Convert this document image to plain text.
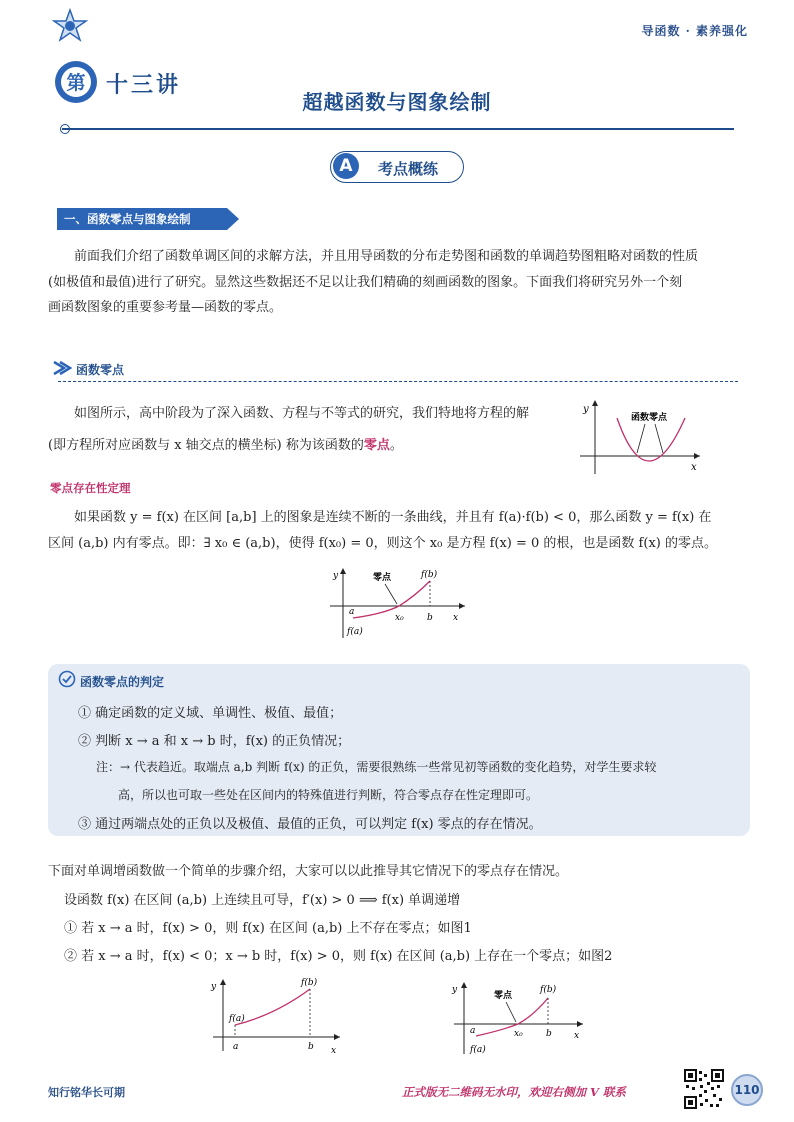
导函数 · 素养强化
第 十三讲
超越函数与图象绘制
A	考点概练
一、函数零点与图象绘制

前面我们介绍了函数单调区间的求解方法，并且用导函数的分布走势图和函数的单调趋势图粗略对函数的性质

(如极值和最值)进行了研究。显然这些数据还不足以让我们精确的刻画函数的图象。下面我们将研究另外一个刻

画函数图象的重要参考量—函数的零点。

函数零点
如图所示，高中阶段为了深入函数、方程与不等式的研究，我们特地将方程的解
(即方程所对应函数与 x 轴交点的横坐标) 称为该函数的零点。
y
x
函数零点
零点存在性定理

如果函数 y = f(x) 在区间 [a,b] 上的图象是连续不断的一条曲线，并且有 f(a)·f(b) < 0，那么函数 y = f(x) 在

区间 (a,b) 内有零点。即：∃ x₀ ∈ (a,b)，使得 f(x₀) = 0，则这个 x₀ 是方程 f(x) = 0 的根，也是函数 f(x) 的零点。

y
x
零点	f(b)
a
f(a)
x₀	b
函数零点的判定
① 确定函数的定义域、单调性、极值、最值；
② 判断 x → a 和 x → b 时，f(x) 的正负情况；
注：→ 代表趋近。取端点 a,b 判断 f(x) 的正负，需要很熟练一些常见初等函数的变化趋势，对学生要求较
高，所以也可取一些处在区间内的特殊值进行判断，符合零点存在性定理即可。
③ 通过两端点处的正负以及极值、最值的正负，可以判定 f(x) 零点的存在情况。
下面对单调增函数做一个简单的步骤介绍，大家可以以此推导其它情况下的零点存在情况。
设函数 f(x) 在区间 (a,b) 上连续且可导，f′(x) > 0 ⟹ f(x) 单调递增
① 若 x → a 时，f(x) > 0，则 f(x) 在区间 (a,b) 上不存在零点；如图1
② 若 x → a 时，f(x) < 0；x → b 时，f(x) > 0，则 f(x) 在区间 (a,b) 上存在一个零点；如图2
y
x
f(a)
f(b)
a	b
y
x
零点
f(b)
a
f(a)
x₀	b
知行铭华长可期	正式版无二维码无水印，欢迎右侧加 V 联系	110
